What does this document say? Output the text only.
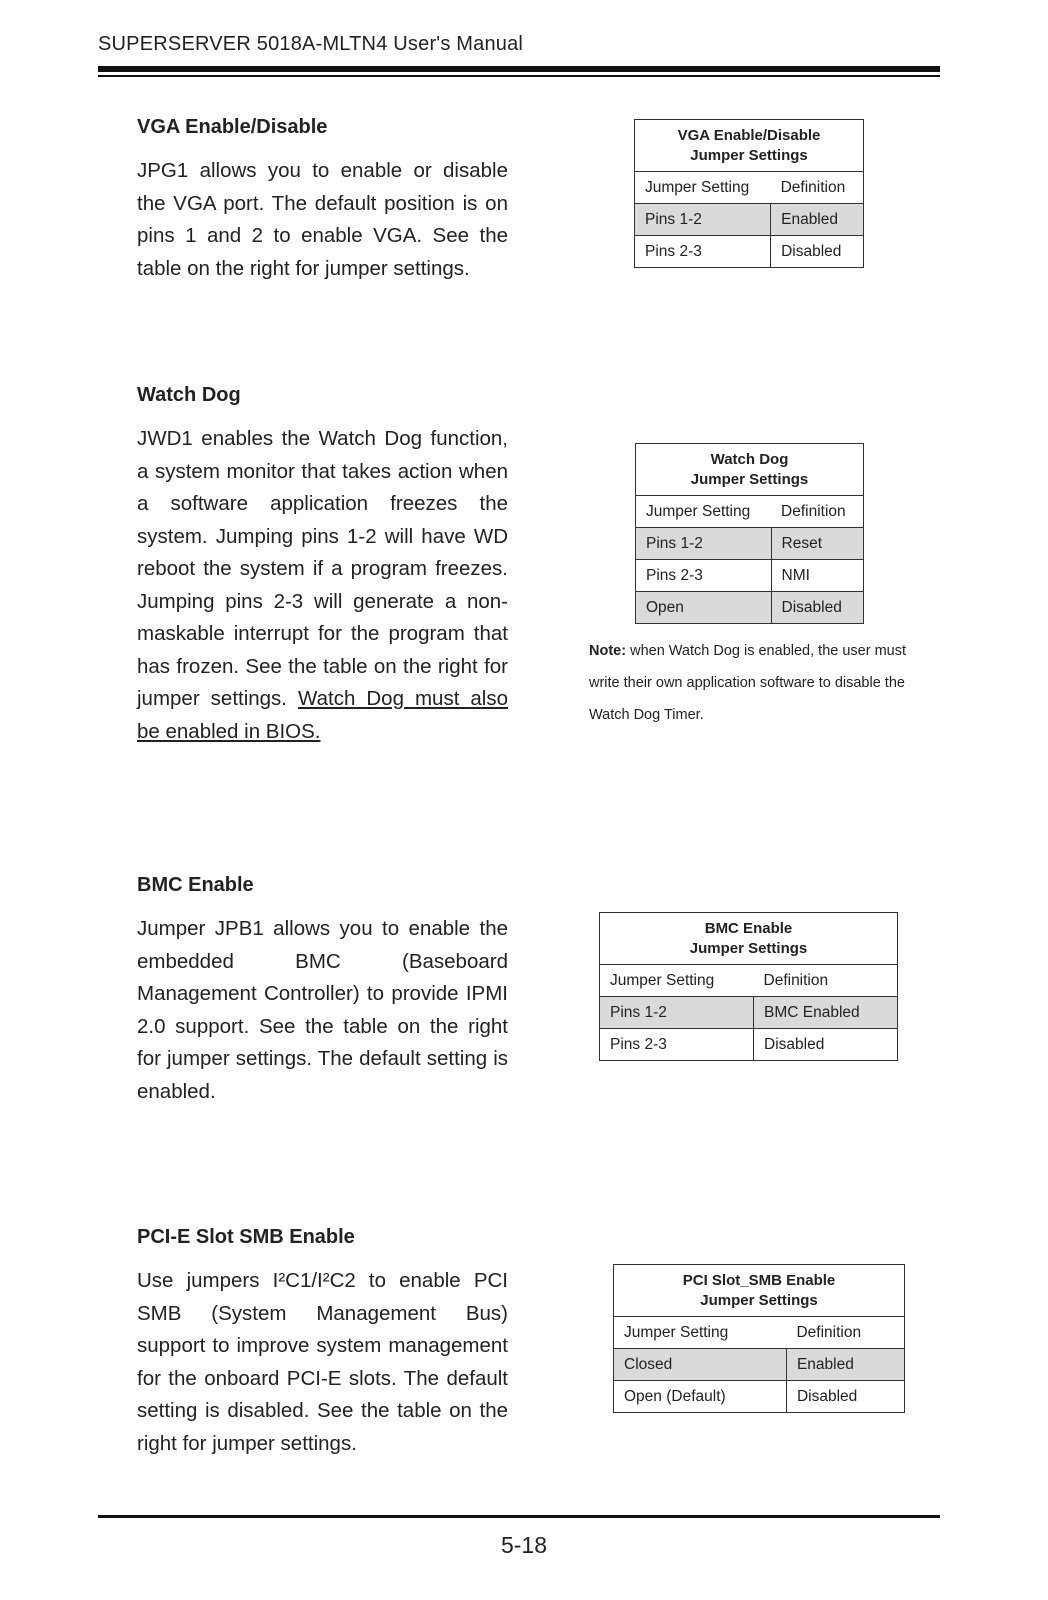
SUPERSERVER 5018A-MLTN4 User's Manual
VGA Enable/Disable

JPG1 allows you to enable or disable the VGA port. The default position is on pins 1 and 2 to enable VGA. See the table on the right for jumper settings.

VGA Enable/Disable
Jumper Settings	
Jumper Setting	Definition
Pins 1-2	Enabled
Pins 2-3	Disabled
Watch Dog

JWD1 enables the Watch Dog function, a system monitor that takes action when a software application freezes the system. Jumping pins 1-2 will have WD reboot the system if a program freezes. Jumping pins 2-3 will generate a non-maskable interrupt for the program that has frozen. See the table on the right for jumper settings. Watch Dog must also be enabled in BIOS.

Watch Dog
Jumper Settings	
Jumper Setting	Definition
Pins 1-2	Reset
Pins 2-3	NMI
Open	Disabled
Note: when Watch Dog is enabled, the user must write their own application software to disable the Watch Dog Timer.
BMC Enable

Jumper JPB1 allows you to enable the embedded BMC (Baseboard Management Controller) to provide IPMI 2.0 support. See the table on the right for jumper settings. The default setting is enabled.

BMC Enable
Jumper Settings	
Jumper Setting	Definition
Pins 1-2	BMC Enabled
Pins 2-3	Disabled
PCI-E Slot SMB Enable

Use jumpers I²C1/I²C2 to enable PCI SMB (System Management Bus) support to improve system management for the onboard PCI-E slots. The default setting is disabled. See the table on the right for jumper settings.

PCI Slot_SMB Enable
Jumper Settings	
Jumper Setting	Definition
Closed	Enabled
Open (Default)	Disabled
5-18
